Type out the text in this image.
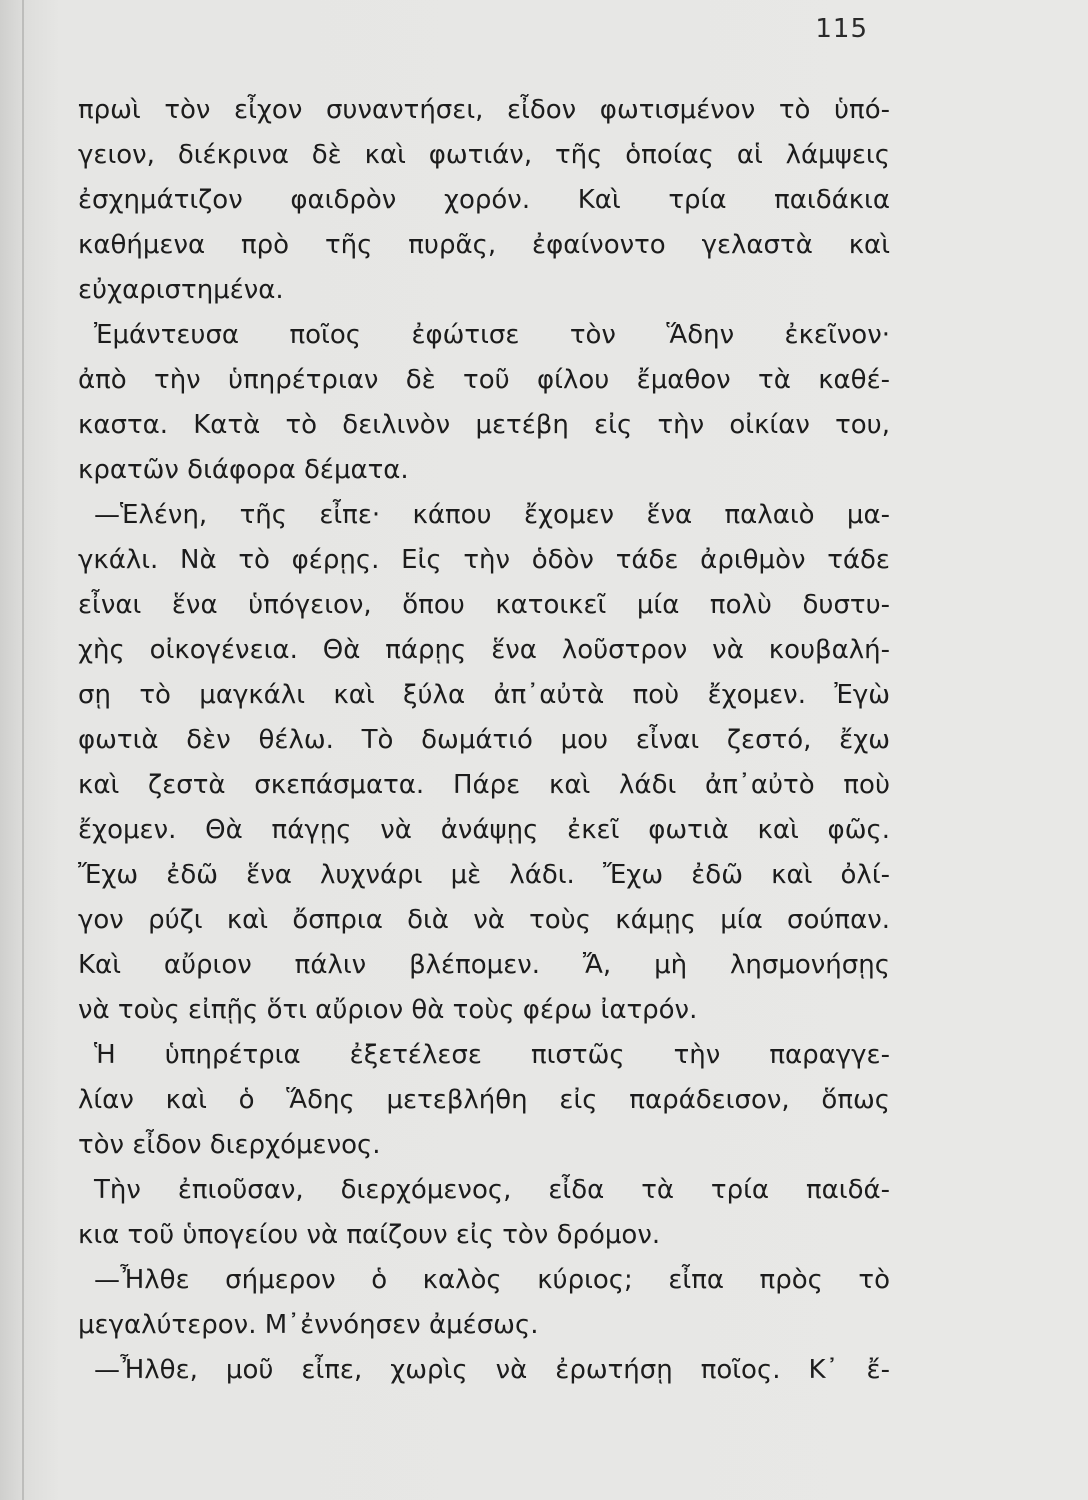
115
πρωὶ τὸν εἶχον συναντήσει, εἶδον φωτισμένον τὸ ὑπό-
γειον, διέκρινα δὲ καὶ φωτιάν, τῆς ὁποίας αἱ λάμψεις
ἐσχημάτιζον φαιδρὸν χορόν. Καὶ τρία παιδάκια
καθήμενα πρὸ τῆς πυρᾶς, ἐφαίνοντο γελαστὰ καὶ
εὐχαριστημένα.
Ἐμάντευσα ποῖος ἐφώτισε τὸν Ἅδην ἐκεῖνον·
ἀπὸ τὴν ὑπηρέτριαν δὲ τοῦ φίλου ἔμαθον τὰ καθέ-
καστα. Κατὰ τὸ δειλινὸν μετέβη εἰς τὴν οἰκίαν του,
κρατῶν διάφορα δέματα.
—Ἑλένη, τῆς εἶπε· κάπου ἔχομεν ἕνα παλαιὸ μα-
γκάλι. Νὰ τὸ φέρῃς. Εἰς τὴν ὁδὸν τάδε ἀριθμὸν τάδε
εἶναι ἕνα ὑπόγειον, ὅπου κατοικεῖ μία πολὺ δυστυ-
χὴς οἰκογένεια. Θὰ πάρῃς ἕνα λοῦστρον νὰ κουβαλή-
σῃ τὸ μαγκάλι καὶ ξύλα ἀπ᾿αὐτὰ ποὺ ἔχομεν. Ἐγὼ
φωτιὰ δὲν θέλω. Τὸ δωμάτιό μου εἶναι ζεστό, ἔχω
καὶ ζεστὰ σκεπάσματα. Πάρε καὶ λάδι ἀπ᾿αὐτὸ ποὺ
ἔχομεν. Θὰ πάγῃς νὰ ἀνάψῃς ἐκεῖ φωτιὰ καὶ φῶς.
Ἔχω ἐδῶ ἕνα λυχνάρι μὲ λάδι. Ἔχω ἐδῶ καὶ ὀλί-
γον ρύζι καὶ ὄσπρια διὰ νὰ τοὺς κάμῃς μία σούπαν.
Καὶ αὔριον πάλιν βλέπομεν. Ἄ, μὴ λησμονήσῃς
νὰ τοὺς εἰπῇς ὅτι αὔριον θὰ τοὺς φέρω ἰατρόν.
Ἡ ὑπηρέτρια ἐξετέλεσε πιστῶς τὴν παραγγε-
λίαν καὶ ὁ Ἅδης μετεβλήθη εἰς παράδεισον, ὅπως
τὸν εἶδον διερχόμενος.
Τὴν ἐπιοῦσαν, διερχόμενος, εἶδα τὰ τρία παιδά-
κια τοῦ ὑπογείου νὰ παίζουν εἰς τὸν δρόμον.
—Ἦλθε σήμερον ὁ καλὸς κύριος; εἶπα πρὸς τὸ
μεγαλύτερον. Μ᾿ἐννόησεν ἀμέσως.
—Ἦλθε, μοῦ εἶπε, χωρὶς νὰ ἐρωτήσῃ ποῖος. Κ᾿ ἔ-
